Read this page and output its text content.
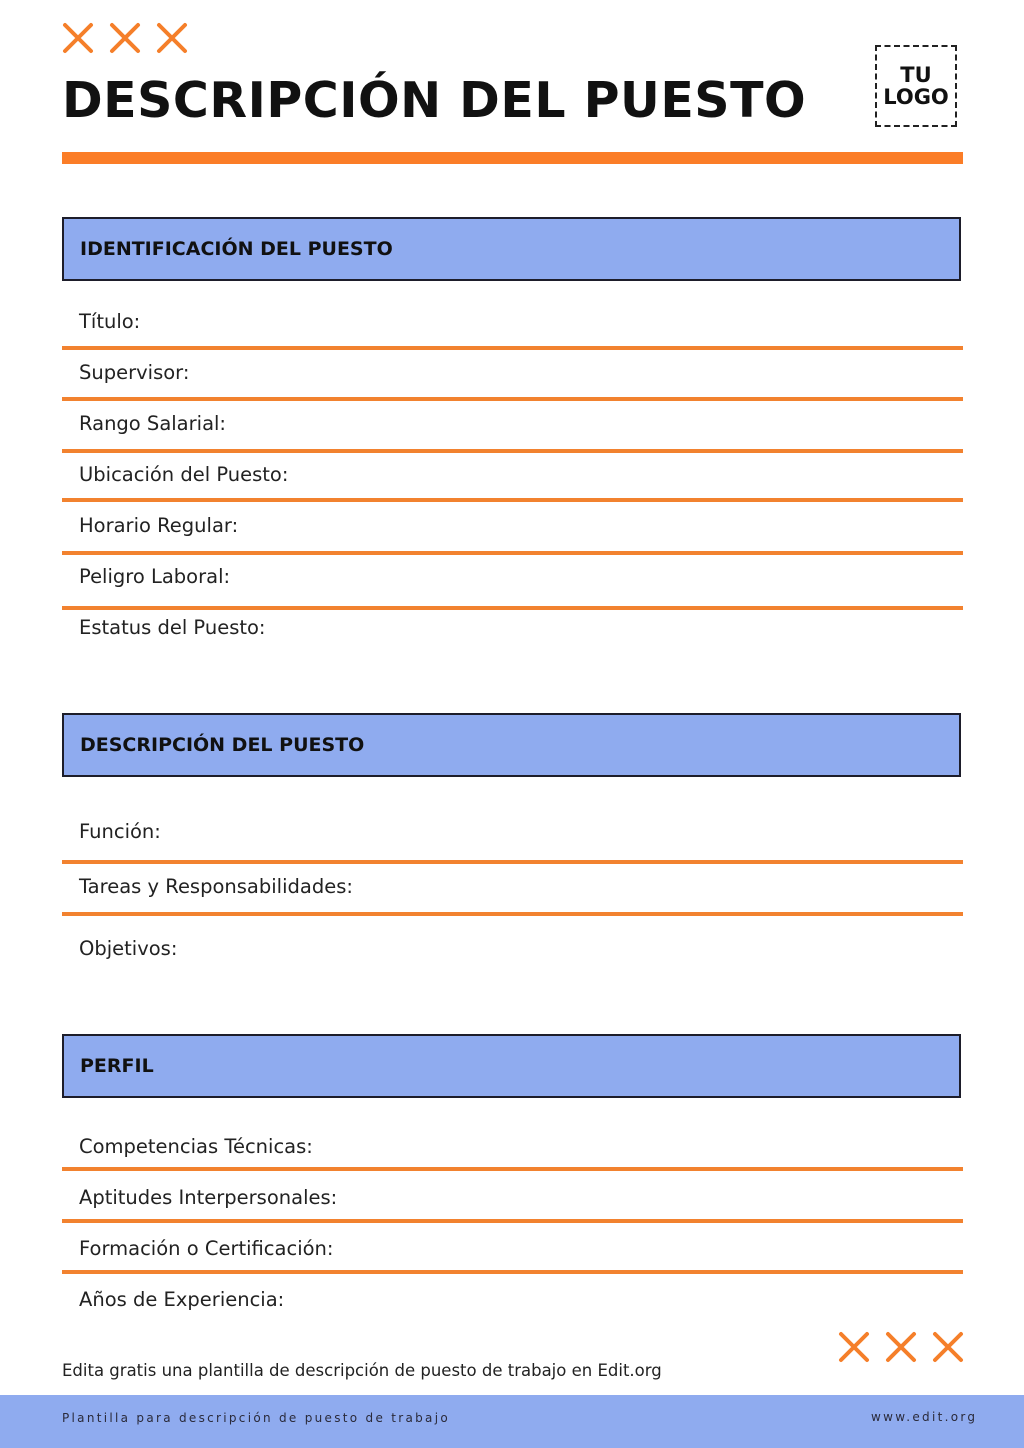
DESCRIPCIÓN DEL PUESTO	TU
LOGO
IDENTIFICACIÓN DEL PUESTO
Título:
Supervisor:
Rango Salarial:
Ubicación del Puesto:
Horario Regular:
Peligro Laboral:
Estatus del Puesto:
DESCRIPCIÓN DEL PUESTO
Función:
Tareas y Responsabilidades:
Objetivos:
PERFIL
Competencias Técnicas:
Aptitudes Interpersonales:
Formación o Certificación:
Años de Experiencia:
Edita gratis una plantilla de descripción de puesto de trabajo en Edit.org
Plantilla para descripción de puesto de trabajo	www.edit.org
